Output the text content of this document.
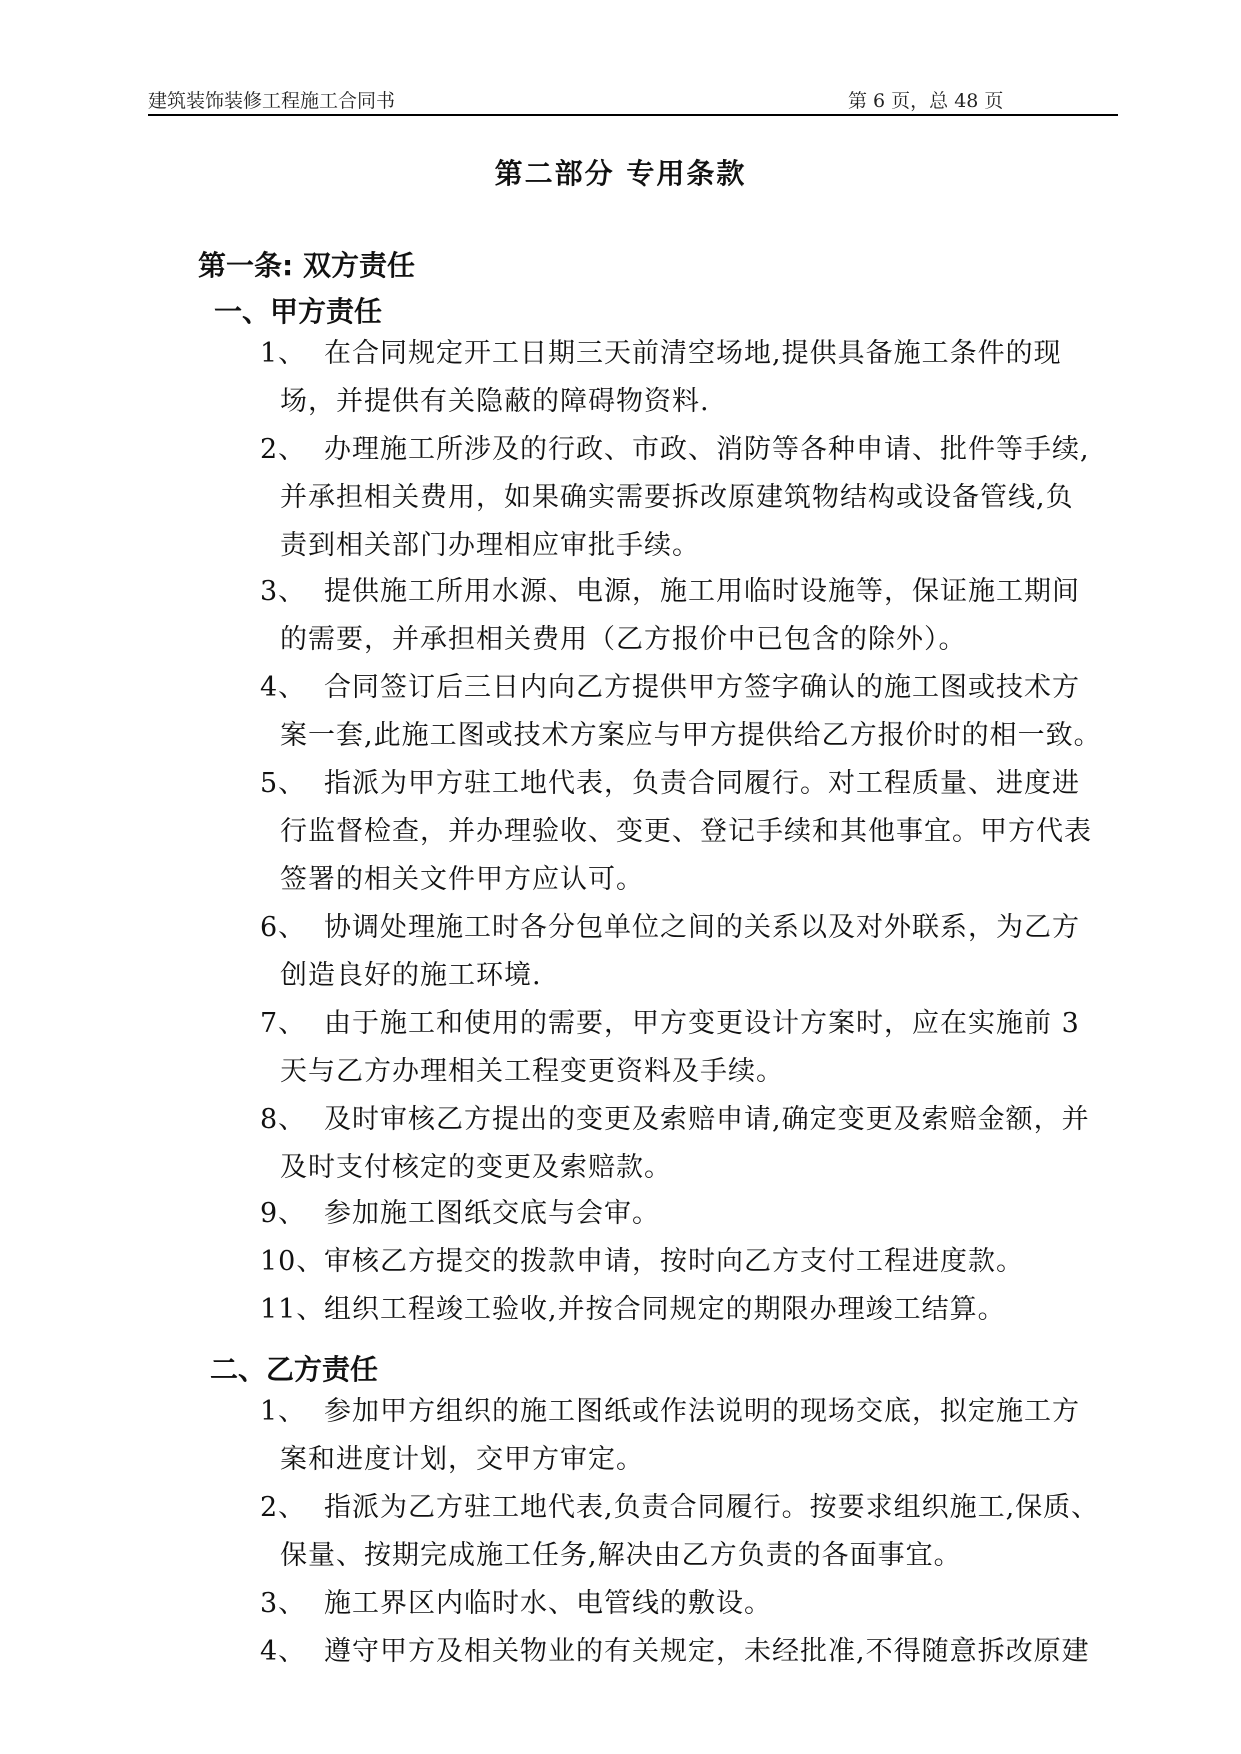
建筑装饰装修工程施工合同书	第 6 页，总 48 页
第二部分 专用条款
第一条: 双方责任
一、甲方责任
1、 在合同规定开工日期三天前清空场地,提供具备施工条件的现
场，并提供有关隐蔽的障碍物资料.
2、 办理施工所涉及的行政、市政、消防等各种申请、批件等手续,
并承担相关费用，如果确实需要拆改原建筑物结构或设备管线,负
责到相关部门办理相应审批手续。
3、 提供施工所用水源、电源，施工用临时设施等，保证施工期间
的需要，并承担相关费用（乙方报价中已包含的除外）。
4、 合同签订后三日内向乙方提供甲方签字确认的施工图或技术方
案一套,此施工图或技术方案应与甲方提供给乙方报价时的相一致。
5、 指派为甲方驻工地代表，负责合同履行。对工程质量、进度进
行监督检查，并办理验收、变更、登记手续和其他事宜。甲方代表
签署的相关文件甲方应认可。
6、 协调处理施工时各分包单位之间的关系以及对外联系，为乙方
创造良好的施工环境.
7、 由于施工和使用的需要，甲方变更设计方案时，应在实施前 3
天与乙方办理相关工程变更资料及手续。
8、 及时审核乙方提出的变更及索赔申请,确定变更及索赔金额，并
及时支付核定的变更及索赔款。
9、 参加施工图纸交底与会审。
10、审核乙方提交的拨款申请，按时向乙方支付工程进度款。
11、组织工程竣工验收,并按合同规定的期限办理竣工结算。
二、乙方责任
1、 参加甲方组织的施工图纸或作法说明的现场交底，拟定施工方
案和进度计划，交甲方审定。
2、 指派为乙方驻工地代表,负责合同履行。按要求组织施工,保质、
保量、按期完成施工任务,解决由乙方负责的各面事宜。
3、 施工界区内临时水、电管线的敷设。
4、 遵守甲方及相关物业的有关规定，未经批准,不得随意拆改原建
